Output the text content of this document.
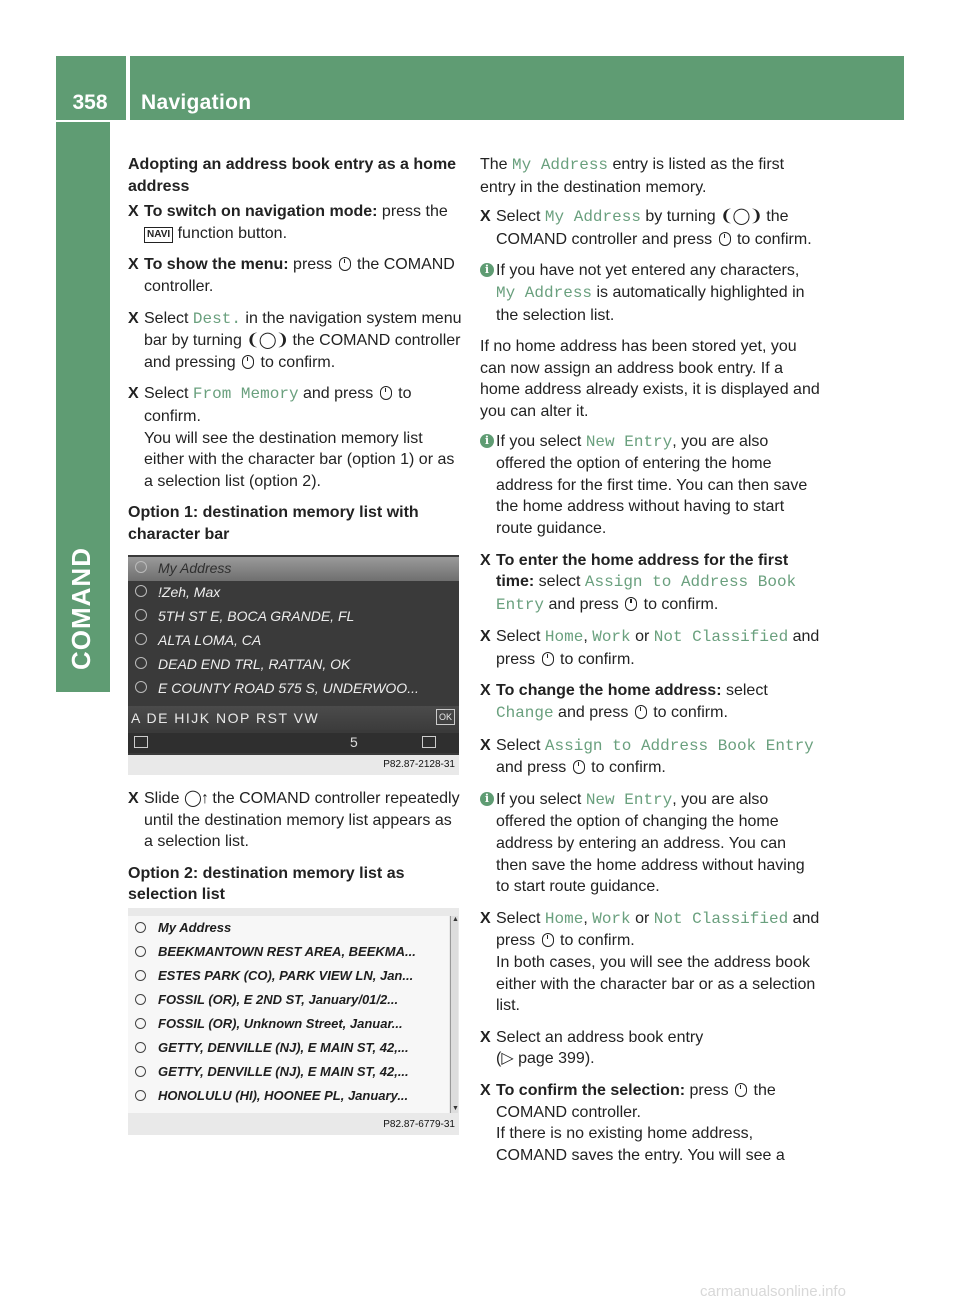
358	Navigation
COMAND

Adopting an address book entry as a home address

X To switch on navigation mode: press the NAVI function button.
X To show the menu: press  the COMAND controller.
X Select Dest. in the navigation system menu bar by turning ❨◯❩ the COMAND controller and pressing  to confirm.
X Select From Memory and press  to confirm.
You will see the destination memory list either with the character bar (option 1) or as a selection list (option 2).

Option 1: destination memory list with character bar

My Address
!Zeh, Max
5TH ST E, BOCA GRANDE, FL
ALTA LOMA, CA
DEAD END TRL, RATTAN, OK
E COUNTY ROAD 575 S, UNDERWOO...
A DE HIJK NOP RST VW	OK
5
P82.87-2128-31
X Slide ◯↑ the COMAND controller repeatedly until the destination memory list appears as a selection list.

Option 2: destination memory list as selection list

My Address
BEEKMANTOWN REST AREA, BEEKMA...
ESTES PARK (CO), PARK VIEW LN, Jan...
FOSSIL (OR), E 2ND ST, January/01/2...
FOSSIL (OR), Unknown Street, Januar...
GETTY, DENVILLE (NJ), E MAIN ST, 42,...
GETTY, DENVILLE (NJ), E MAIN ST, 42,...
HONOLULU (HI), HOONEE PL, January...
▲
▼
P82.87-6779-31

The My Address entry is listed as the first entry in the destination memory.

X Select My Address by turning ❨◯❩ the COMAND controller and press  to confirm.
i If you have not yet entered any characters, My Address is automatically highlighted in the selection list.

If no home address has been stored yet, you can now assign an address book entry. If a home address already exists, it is displayed and you can alter it.

i If you select New Entry, you are also offered the option of entering the home address for the first time. You can then save the home address without having to start route guidance.
X To enter the home address for the first time: select Assign to Address Book Entry and press  to confirm.
X Select Home, Work or Not Classified and press  to confirm.
X To change the home address: select Change and press  to confirm.
X Select Assign to Address Book Entry and press  to confirm.
i If you select New Entry, you are also offered the option of changing the home address by entering an address. You can then save the home address without having to start route guidance.
X Select Home, Work or Not Classified and press  to confirm.
In both cases, you will see the address book either with the character bar or as a selection list.
X Select an address book entry
(▷ page 399).
X To confirm the selection: press  the COMAND controller.
If there is no existing home address, COMAND saves the entry. You will see a
carmanualsonline.info
